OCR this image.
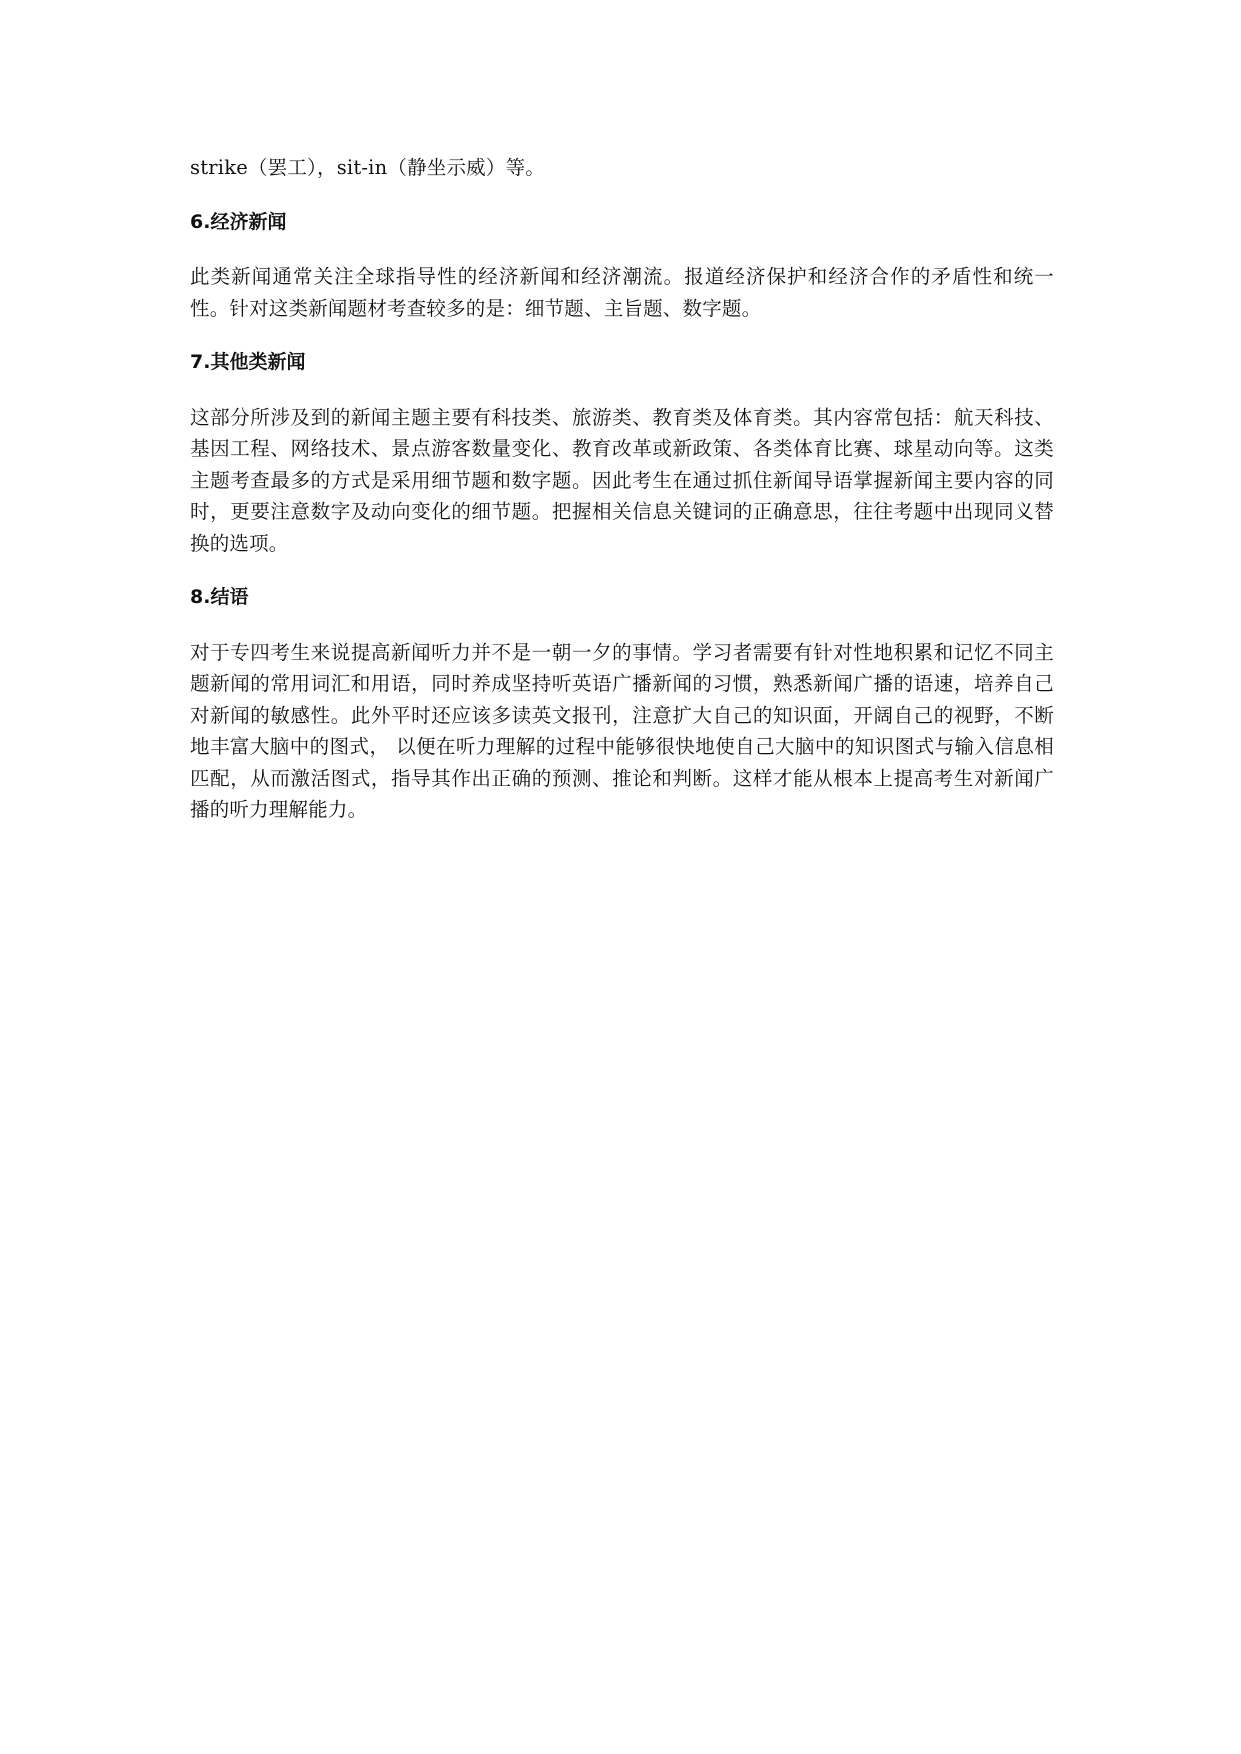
strike（罢工），sit-in（静坐示威）等。

6.经济新闻

此类新闻通常关注全球指导性的经济新闻和经济潮流。报道经济保护和经济合作的矛盾性和统一性。针对这类新闻题材考查较多的是：细节题、主旨题、数字题。

7.其他类新闻

这部分所涉及到的新闻主题主要有科技类、旅游类、教育类及体育类。其内容常包括：航天科技、基因工程、网络技术、景点游客数量变化、教育改革或新政策、各类体育比赛、球星动向等。这类主题考查最多的方式是采用细节题和数字题。因此考生在通过抓住新闻导语掌握新闻主要内容的同时，更要注意数字及动向变化的细节题。把握相关信息关键词的正确意思，往往考题中出现同义替换的选项。

8.结语

对于专四考生来说提高新闻听力并不是一朝一夕的事情。学习者需要有针对性地积累和记忆不同主题新闻的常用词汇和用语，同时养成坚持听英语广播新闻的习惯，熟悉新闻广播的语速，培养自己对新闻的敏感性。此外平时还应该多读英文报刊，注意扩大自己的知识面，开阔自己的视野，不断地丰富大脑中的图式， 以便在听力理解的过程中能够很快地使自己大脑中的知识图式与输入信息相匹配，从而激活图式，指导其作出正确的预测、推论和判断。这样才能从根本上提高考生对新闻广播的听力理解能力。
